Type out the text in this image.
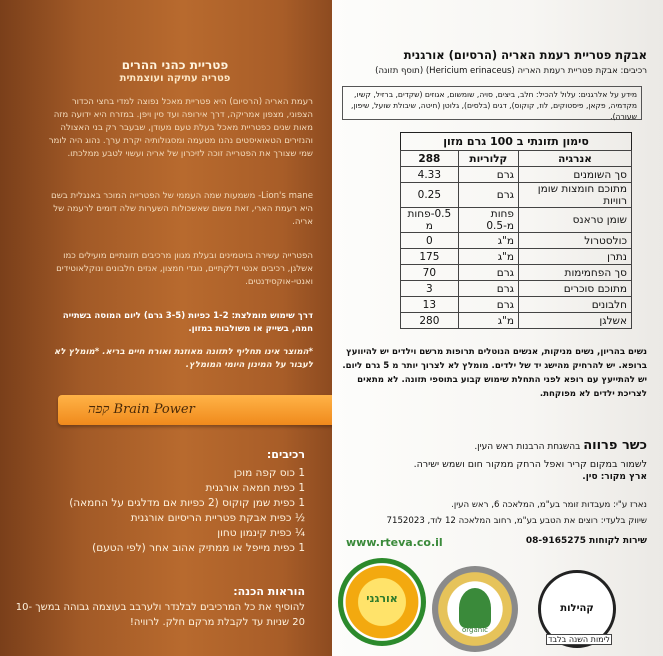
פטריית כהני ההרים
פטריה עתיקה ועוצמתית
רעמת האריה (הרסיום) היא פטריית מאכל נפוצה למדי בחצי הכדור הצפוני, מצפון אמריקה, דרך אירופה ועד סין ויפן. במזרח היא ידועה מזה מאות שנים כפטריית מאכל בעלת טעם מעודן, שבעבר רק בני האצולה והנזירים הטאואיסטים נהנו מטעמה ומסגולותיה יקרת ערך. נהוג היה לומר שמי שצורך את הפטרייה זוכה לזיכרון של אריה ועשוי לטבע ממלכתו.
Lion's mane- משמעות שמה העממי של הפטרייה המוכר באנגלית בשם היא רעמת הארי, זאת משום שאשכולות השערות שלה דומים לרעמה של אריה.
הפטרייה עשירה בויטמינים ובעלת מגוון מרכיבים תזונתיים מועילים כמו אשלגן, רכיבים אנטי דלקתיים, נוגדי חמצון, אנזים חלבונים ונוקלאוטידים ואנטי-אוקסידנטים.
דרך שימוש מומלצת: 1-2 כפיות (3-5 גרם) ליום המוסה בשתייה חמה, בשייק או משולבות במזון.
*המוצר אינו תחליף לתזונה מאוזנת ואורח חיים בריא. *מומלץ לא לעבור על המינון היומי המומלץ.
Brain Power קפה
רכיבים:
1 כוס קפה מוכן
1 כפית חמאה אורגנית
1 כפית שמן קוקוס (2 כפיות אם מדלגים על החמאה)
½ כפית אבקת פטריית הריסיום אורגנית
¼ כפית קינמון טחון
1 כפית מייפל או ממתיק אהוב אחר (לפי הטעם)
הוראות הכנה:
להוסיף את כל המרכיבים לבלנדר ולערבב בעוצמה גבוהה במשך 10-20 שניות עד לקבלת מרקם חלק. לרוויה!
אבקת פטריית רעמת האריה (הרסיום) אורגנית
רכיבים: אבקת פטריית רעמת האריה (Hericium erinaceus) (תוסף תזונה)
מידע על אלרגנים: עלול להכיל: חלב, ביצים, סויה, שומשום, אגוזים (שקדים, ברזיל, קשיו, מקדמיה, פקאן, פיסטוקים, לוז, קוקוס), דגים (בלסים), גלוטן (חיטה, שיבולת שועל, שיפון, שעורה).
סימון תזונתי ב 100 גרם מזון
אנרגיה	קלוריות	288
סך השומנים	גרם	4.33
מתוכם חומצות שומן רוויות	גרם	0.25
שומן טראנס	פחות מ-0.5	0.5-פחות מ
כולסטרול	מ"ג	0
נתרן	מ"ג	175
סך הפחמימות	גרם	70
מתוכם סוכרים	גרם	3
חלבונים	גרם	13
אשלגן	מ"ג	280
נשים בהריון, נשים מניקות, אנשים הנוטלים תרופות מרשם וילדים יש להיוועץ ברופא. יש להרחיק מהישג יד של ילדים. מומלץ לא לצרוך יותר מ 5 גרם ליום. יש להתייעץ עם רופא לפני התחלת שימוש קבוע בתוספי תזונה. לא מתאים לצריכת ילדים לא מפוקחת.
כשר פרווה בהשגחת הרבנות ראש העין.
לשמור במקום קריר ואפל הרחק ממקור חום ושמש ישירה.
ארץ מקור: סין.
נארז ע"י: מעבדות זומר בע"מ, המלאכה 6, ראש העין.
שיווק בלעדי: רוצים את הטבע בע"מ, רחוב המלאכה 12 לוד, 7152023
www.rteva.co.il	שירות לקוחות 08-9165275
אורגני
organic
קהילות
לימות השנה בלבד
